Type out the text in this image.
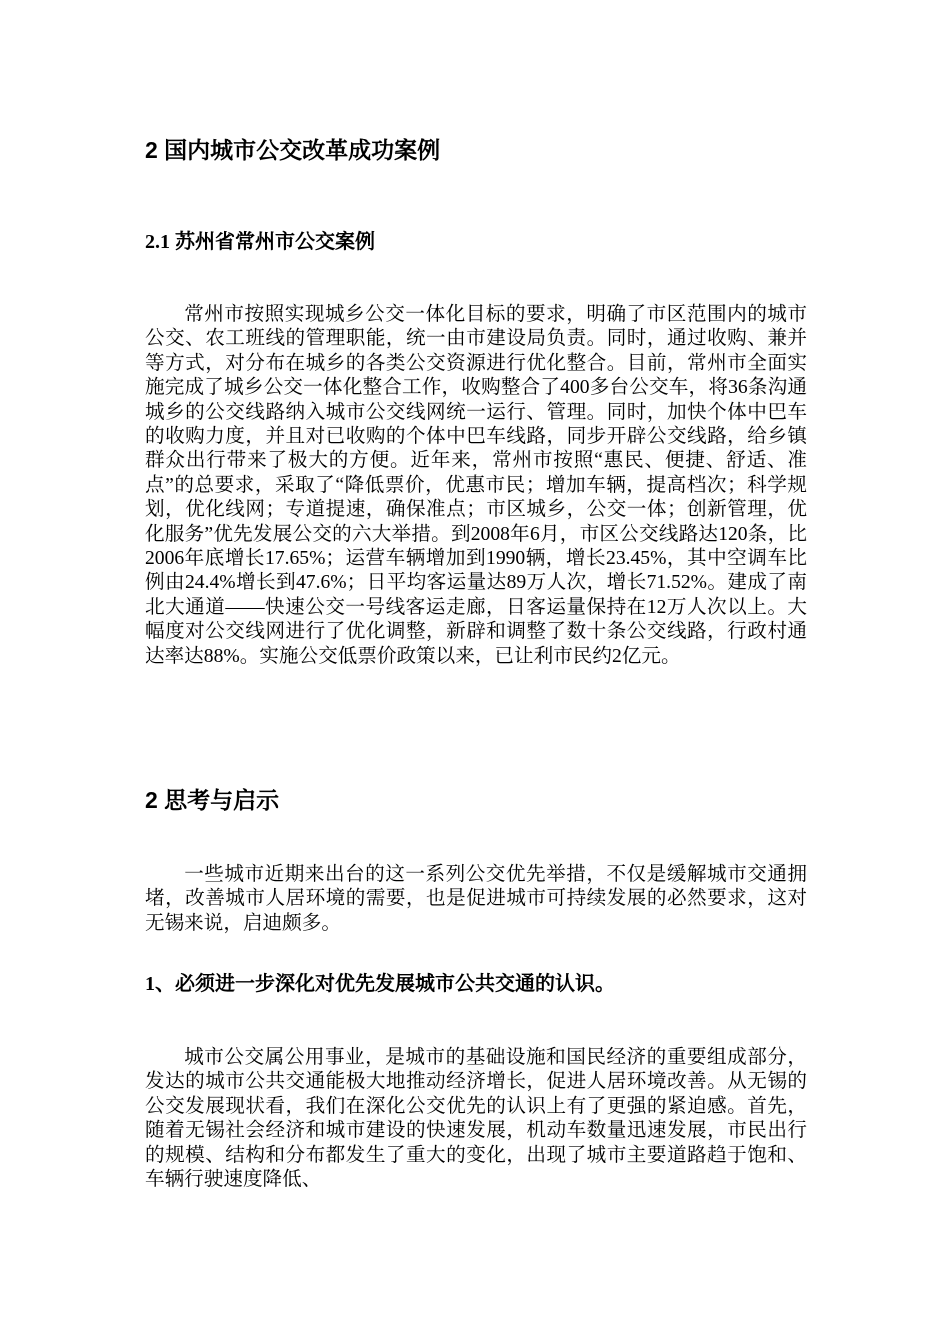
2 国内城市公交改革成功案例
2.1 苏州省常州市公交案例

常州市按照实现城乡公交一体化目标的要求，明确了市区范围内的城市公交、农工班线的管理职能，统一由市建设局负责。同时，通过收购、兼并等方式，对分布在城乡的各类公交资源进行优化整合。目前，常州市全面实施完成了城乡公交一体化整合工作，收购整合了400多台公交车，将36条沟通城乡的公交线路纳入城市公交线网统一运行、管理。同时，加快个体中巴车的收购力度，并且对已收购的个体中巴车线路，同步开辟公交线路，给乡镇群众出行带来了极大的方便。近年来，常州市按照“惠民、便捷、舒适、准点”的总要求，采取了“降低票价，优惠市民；增加车辆，提高档次；科学规划，优化线网；专道提速，确保准点；市区城乡，公交一体；创新管理，优化服务”优先发展公交的六大举措。到2008年6月，市区公交线路达120条，比2006年底增长17.65%；运营车辆增加到1990辆，增长23.45%，其中空调车比例由24.4%增长到47.6%；日平均客运量达89万人次，增长71.52%。建成了南北大通道——快速公交一号线客运走廊，日客运量保持在12万人次以上。大幅度对公交线网进行了优化调整，新辟和调整了数十条公交线路，行政村通达率达88%。实施公交低票价政策以来，已让利市民约2亿元。

2 思考与启示

一些城市近期来出台的这一系列公交优先举措，不仅是缓解城市交通拥堵，改善城市人居环境的需要，也是促进城市可持续发展的必然要求，这对无锡来说，启迪颇多。

1、必须进一步深化对优先发展城市公共交通的认识。

城市公交属公用事业，是城市的基础设施和国民经济的重要组成部分，发达的城市公共交通能极大地推动经济增长，促进人居环境改善。从无锡的公交发展现状看，我们在深化公交优先的认识上有了更强的紧迫感。首先，随着无锡社会经济和城市建设的快速发展，机动车数量迅速发展，市民出行的规模、结构和分布都发生了重大的变化，出现了城市主要道路趋于饱和、车辆行驶速度降低、
